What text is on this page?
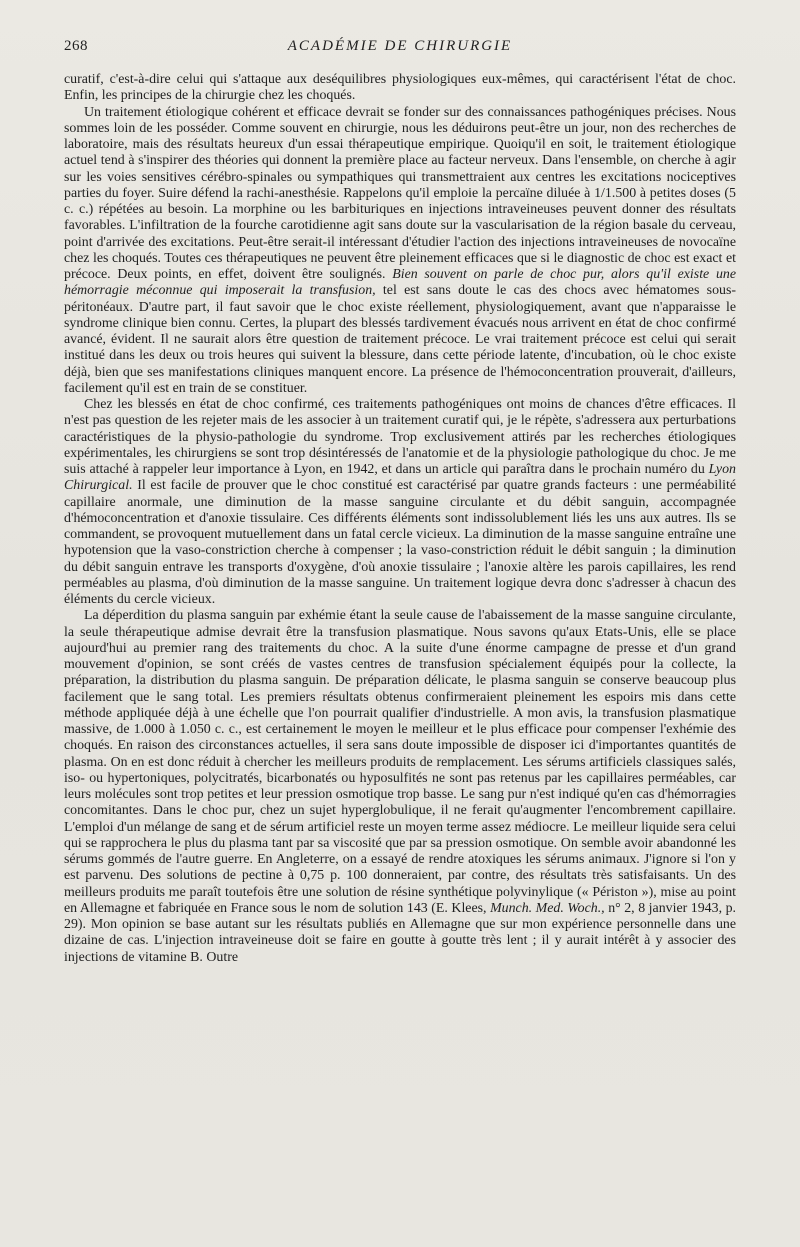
268	ACADÉMIE DE CHIRURGIE

curatif, c'est-à-dire celui qui s'attaque aux deséquilibres physiologiques eux-mêmes, qui caractérisent l'état de choc. Enfin, les principes de la chirurgie chez les choqués.

Un traitement étiologique cohérent et efficace devrait se fonder sur des connaissances pathogéniques précises. Nous sommes loin de les posséder. Comme souvent en chirurgie, nous les déduirons peut-être un jour, non des recherches de laboratoire, mais des résultats heureux d'un essai thérapeutique empirique. Quoiqu'il en soit, le traitement étiologique actuel tend à s'inspirer des théories qui donnent la première place au facteur nerveux. Dans l'ensemble, on cherche à agir sur les voies sensitives cérébro-spinales ou sympathiques qui transmettraient aux centres les excitations nociceptives parties du foyer. Suire défend la rachi-anesthésie. Rappelons qu'il emploie la percaïne diluée à 1/1.500 à petites doses (5 c. c.) répétées au besoin. La morphine ou les barbituriques en injections intraveineuses peuvent donner des résultats favorables. L'infiltration de la fourche carotidienne agit sans doute sur la vascularisation de la région basale du cerveau, point d'arrivée des excitations. Peut-être serait-il intéressant d'étudier l'action des injections intraveineuses de novocaïne chez les choqués. Toutes ces thérapeutiques ne peuvent être pleinement efficaces que si le diagnostic de choc est exact et précoce. Deux points, en effet, doivent être soulignés. Bien souvent on parle de choc pur, alors qu'il existe une hémorragie méconnue qui imposerait la transfusion, tel est sans doute le cas des chocs avec hématomes sous-péritonéaux. D'autre part, il faut savoir que le choc existe réellement, physiologiquement, avant que n'apparaisse le syndrome clinique bien connu. Certes, la plupart des blessés tardivement évacués nous arrivent en état de choc confirmé avancé, évident. Il ne saurait alors être question de traitement précoce. Le vrai traitement précoce est celui qui serait institué dans les deux ou trois heures qui suivent la blessure, dans cette période latente, d'incubation, où le choc existe déjà, bien que ses manifestations cliniques manquent encore. La présence de l'hémoconcentration prouverait, d'ailleurs, facilement qu'il est en train de se constituer.

Chez les blessés en état de choc confirmé, ces traitements pathogéniques ont moins de chances d'être efficaces. Il n'est pas question de les rejeter mais de les associer à un traitement curatif qui, je le répète, s'adressera aux perturbations caractéristiques de la physio-pathologie du syndrome. Trop exclusivement attirés par les recherches étiologiques expérimentales, les chirurgiens se sont trop désintéressés de l'anatomie et de la physiologie pathologique du choc. Je me suis attaché à rappeler leur importance à Lyon, en 1942, et dans un article qui paraîtra dans le prochain numéro du Lyon Chirurgical. Il est facile de prouver que le choc constitué est caractérisé par quatre grands facteurs : une perméabilité capillaire anormale, une diminution de la masse sanguine circulante et du débit sanguin, accompagnée d'hémoconcentration et d'anoxie tissulaire. Ces différents éléments sont indissolublement liés les uns aux autres. Ils se commandent, se provoquent mutuellement dans un fatal cercle vicieux. La diminution de la masse sanguine entraîne une hypotension que la vaso-constriction cherche à compenser ; la vaso-constriction réduit le débit sanguin ; la diminution du débit sanguin entrave les transports d'oxygène, d'où anoxie tissulaire ; l'anoxie altère les parois capillaires, les rend perméables au plasma, d'où diminution de la masse sanguine. Un traitement logique devra donc s'adresser à chacun des éléments du cercle vicieux.

La déperdition du plasma sanguin par exhémie étant la seule cause de l'abaissement de la masse sanguine circulante, la seule thérapeutique admise devrait être la transfusion plasmatique. Nous savons qu'aux Etats-Unis, elle se place aujourd'hui au premier rang des traitements du choc. A la suite d'une énorme campagne de presse et d'un grand mouvement d'opinion, se sont créés de vastes centres de transfusion spécialement équipés pour la collecte, la préparation, la distribution du plasma sanguin. De préparation délicate, le plasma sanguin se conserve beaucoup plus facilement que le sang total. Les premiers résultats obtenus confirmeraient pleinement les espoirs mis dans cette méthode appliquée déjà à une échelle que l'on pourrait qualifier d'industrielle. A mon avis, la transfusion plasmatique massive, de 1.000 à 1.050 c. c., est certainement le moyen le meilleur et le plus efficace pour compenser l'exhémie des choqués. En raison des circonstances actuelles, il sera sans doute impossible de disposer ici d'importantes quantités de plasma. On en est donc réduit à chercher les meilleurs produits de remplacement. Les sérums artificiels classiques salés, iso- ou hypertoniques, polycitratés, bicarbonatés ou hyposulfités ne sont pas retenus par les capillaires perméables, car leurs molécules sont trop petites et leur pression osmotique trop basse. Le sang pur n'est indiqué qu'en cas d'hémorragies concomitantes. Dans le choc pur, chez un sujet hyperglobulique, il ne ferait qu'augmenter l'encombrement capillaire. L'emploi d'un mélange de sang et de sérum artificiel reste un moyen terme assez médiocre. Le meilleur liquide sera celui qui se rapprochera le plus du plasma tant par sa viscosité que par sa pression osmotique. On semble avoir abandonné les sérums gommés de l'autre guerre. En Angleterre, on a essayé de rendre atoxiques les sérums animaux. J'ignore si l'on y est parvenu. Des solutions de pectine à 0,75 p. 100 donneraient, par contre, des résultats très satisfaisants. Un des meilleurs produits me paraît toutefois être une solution de résine synthétique polyvinylique (« Périston »), mise au point en Allemagne et fabriquée en France sous le nom de solution 143 (E. Klees, Munch. Med. Woch., n° 2, 8 janvier 1943, p. 29). Mon opinion se base autant sur les résultats publiés en Allemagne que sur mon expérience personnelle dans une dizaine de cas. L'injection intraveineuse doit se faire en goutte à goutte très lent ; il y aurait intérêt à y associer des injections de vitamine B. Outre
